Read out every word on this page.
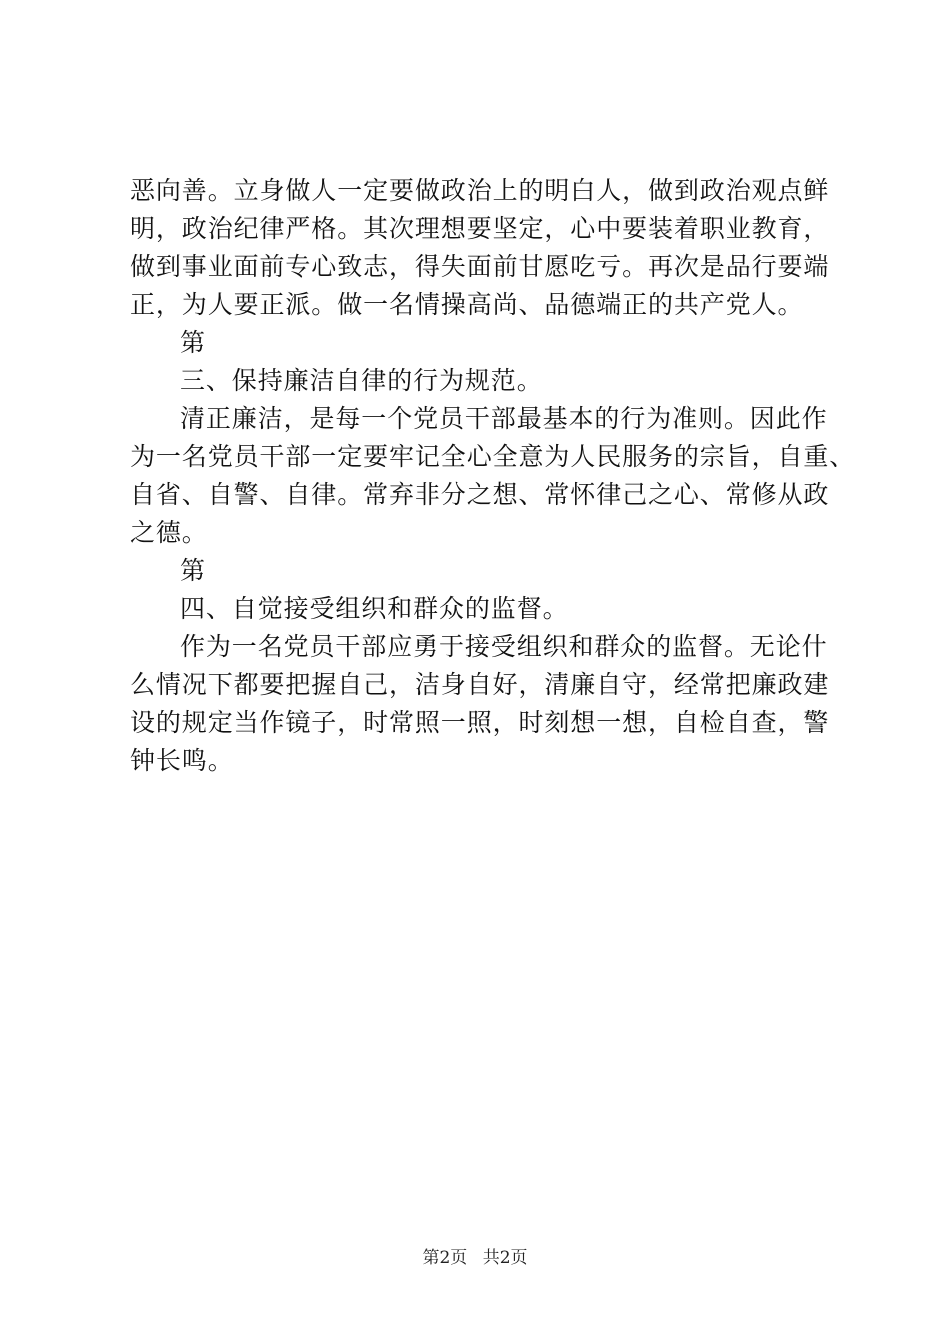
恶向善。立身做人一定要做政治上的明白人，做到政治观点鲜
明，政治纪律严格。其次理想要坚定，心中要装着职业教育，
做到事业面前专心致志，得失面前甘愿吃亏。再次是品行要端
正，为人要正派。做一名情操高尚、品德端正的共产党人。
第
三、保持廉洁自律的行为规范。
清正廉洁，是每一个党员干部最基本的行为准则。因此作
为一名党员干部一定要牢记全心全意为人民服务的宗旨，自重、
自省、自警、自律。常弃非分之想、常怀律己之心、常修从政
之德。
第
四、自觉接受组织和群众的监督。
作为一名党员干部应勇于接受组织和群众的监督。无论什
么情况下都要把握自己，洁身自好，清廉自守，经常把廉政建
设的规定当作镜子，时常照一照，时刻想一想，自检自查，警
钟长鸣。
第2页 共2页
